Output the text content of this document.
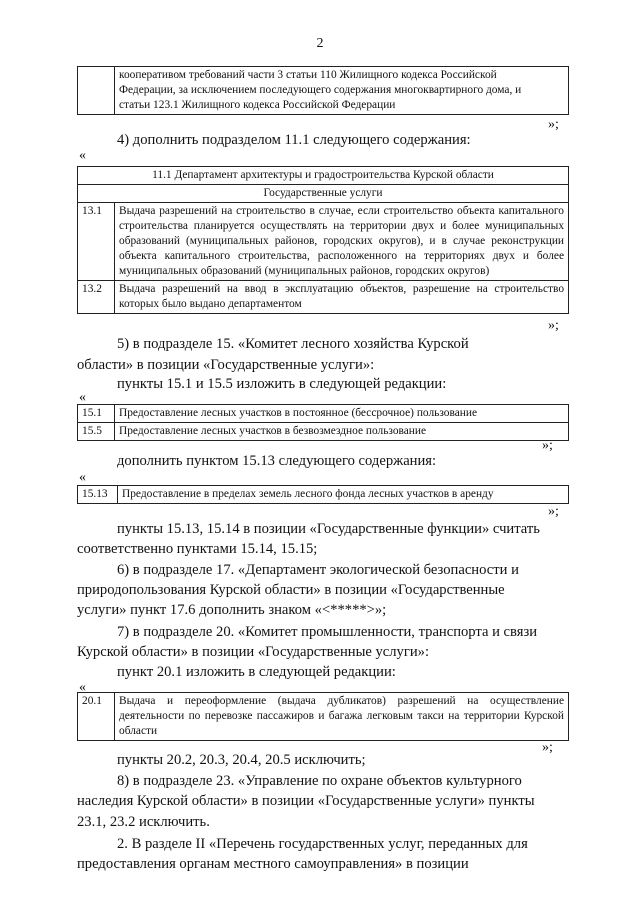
2

кооперативом требований части 3 статьи 110 Жилищного кодекса Российской
Федерации, за исключением последующего содержания многоквартирного дома, и
статьи 123.1 Жилищного кодекса Российской Федерации
»;
4) дополнить подразделом 11.1 следующего содержания:
«
11.1 Департамент архитектуры и градостроительства Курской области	
Государственные услуги	
13.1	Выдача разрешений на строительство в случае, если строительство объекта капитального строительства планируется осуществлять на территории двух и более муниципальных образований (муниципальных районов, городских округов), и в случае реконструкции объекта капитального строительства, расположенного на территориях двух и более муниципальных образований (муниципальных районов, городских округов)
13.2	Выдача разрешений на ввод в эксплуатацию объектов, разрешение на строительство которых было выдано департаментом
»;
5) в подразделе 15. «Комитет лесного хозяйства Курской
области» в позиции «Государственные услуги»:
пункты 15.1 и 15.5 изложить в следующей редакции:
«
15.1	Предоставление лесных участков в постоянное (бессрочное) пользование
15.5	Предоставление лесных участков в безвозмездное пользование
»;
дополнить пунктом 15.13 следующего содержания:
«
15.13	Предоставление в пределах земель лесного фонда лесных участков в аренду
»;
пункты 15.13, 15.14 в позиции «Государственные функции» считать
соответственно пунктами 15.14, 15.15;
6) в подразделе 17. «Департамент экологической безопасности и
природопользования Курской области» в позиции «Государственные
услуги» пункт 17.6 дополнить знаком «<*****>»;
7) в подразделе 20. «Комитет промышленности, транспорта и связи
Курской области» в позиции «Государственные услуги»:
пункт 20.1 изложить в следующей редакции:
«
20.1	Выдача и переоформление (выдача дубликатов) разрешений на осуществление деятельности по перевозке пассажиров и багажа легковым такси на территории Курской области
»;
пункты 20.2, 20.3, 20.4, 20.5 исключить;
8) в подразделе 23. «Управление по охране объектов культурного
наследия Курской области» в позиции «Государственные услуги» пункты
23.1, 23.2 исключить.
2. В разделе II «Перечень государственных услуг, переданных для
предоставления органам местного самоуправления» в позиции
